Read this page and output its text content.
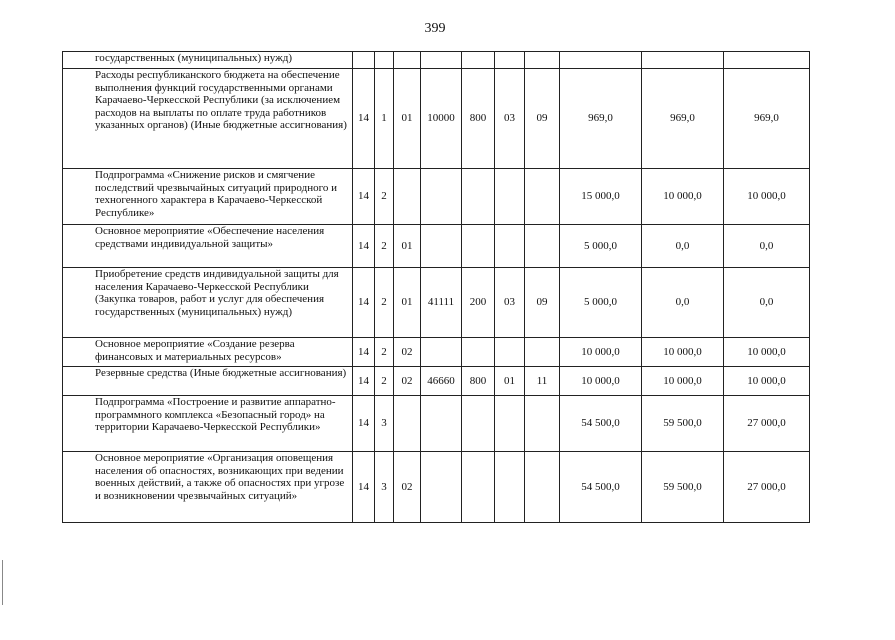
399
государственных (муниципальных) нужд)										
Расходы республиканского бюджета на обеспечение выполнения функций государственными органами Карачаево-Черкесской Республики (за исключением расходов на выплаты по оплате труда работников указанных органов) (Иные бюджетные ассигнования)	14	1	01	10000	800	03	09	969,0	969,0	969,0
Подпрограмма «Снижение рисков и смягчение последствий чрезвычайных ситуаций природного и техногенного характера в Карачаево-Черкесской Республике»	14	2						15 000,0	10 000,0	10 000,0
Основное мероприятие «Обеспечение населения средствами индивидуальной защиты»	14	2	01					5 000,0	0,0	0,0
Приобретение средств индивидуальной защиты для населения Карачаево-Черкесской Республики (Закупка товаров, работ и услуг для обеспечения государственных (муниципальных) нужд)	14	2	01	41111	200	03	09	5 000,0	0,0	0,0
Основное мероприятие «Создание резерва финансовых и материальных ресурсов»	14	2	02					10 000,0	10 000,0	10 000,0
Резервные средства (Иные бюджетные ассигнования)	14	2	02	46660	800	01	11	10 000,0	10 000,0	10 000,0
Подпрограмма «Построение и развитие аппаратно-программного комплекса «Безопасный город» на территории Карачаево-Черкесской Республики»	14	3						54 500,0	59 500,0	27 000,0
Основное мероприятие «Организация оповещения населения об опасностях, возникающих при ведении военных действий, а также об опасностях при угрозе и возникновении чрезвычайных ситуаций»	14	3	02					54 500,0	59 500,0	27 000,0
